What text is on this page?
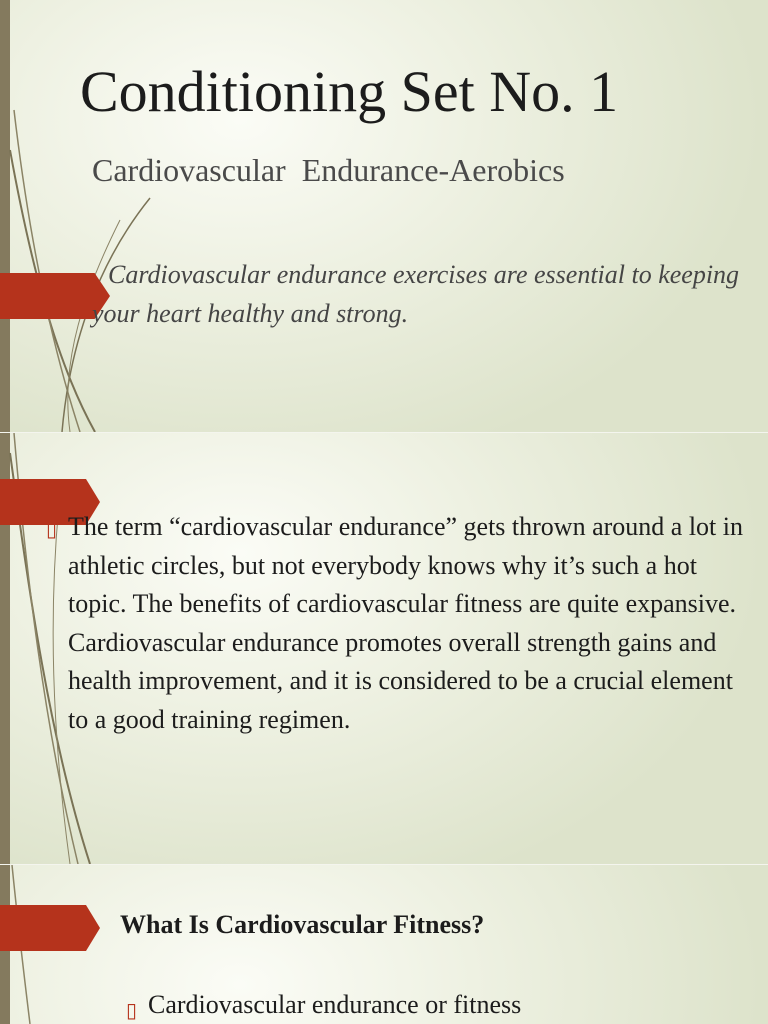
Conditioning Set No. 1

Cardiovascular  Endurance-Aerobics

Cardiovascular endurance exercises are essential to keeping your heart healthy and strong.

▯ The term “cardiovascular endurance” gets thrown around a lot in athletic circles, but not everybody knows why it’s such a hot topic. The benefits of cardiovascular fitness are quite expansive. Cardiovascular endurance promotes overall strength gains and health improvement, and it is considered to be a crucial element to a good training regimen.

What Is Cardiovascular Fitness?
▯ Cardiovascular endurance or fitness
